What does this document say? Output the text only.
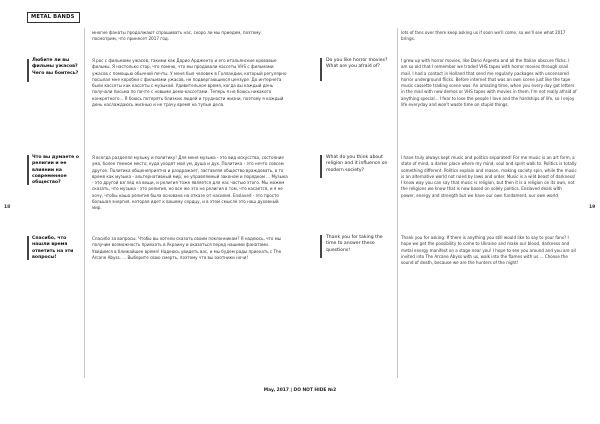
METAL BANDS
18	19

многие фанаты продолжают спрашивать нас, скоро ли мы приедем, поэтому посмотрим, что принесет 2017 год.

Любите ли вы фильмы ужасов? Чего вы боитесь?

Я рос с фильмами ужасов, такими как Дарио Ардженто и его итальянские кровавые фильмы. Я настолько стар, что помню, что мы продавали кассеты VHS с фильмами ужасов с помощью обычной почты. У меня был человек в Голландии, который регулярно посылал мне коробки с фильмами ужасов, не подвергающихся цензуре. До интернета были кассеты как кассеты с музыкой. Удивительное время, когда вы каждый день получали письма по почте с новыми демо-кассетами. Теперь я не боюсь никакого конкретного... Я боюсь потерять близких людей и трудности жизни, поэтому я каждый день наслаждаюсь жизнью и не трачу время на тупые дела.

Что вы думаете о религии и ее влиянии на современное общество?

Я всегда разделял музыку и политику! Для меня музыка - это вид искусства, состояние ума, более темное место, куда уходят мой ум, душа и дух. Политика - это нечто совсем другое. Политика общенеприятна и раздражает, заставляя общество враждовать, в то время как музыка - альтернативный мир, не управляемый законом и порядком ... Музыка - это другой взгляд на вещи, и религия тоже является для нас частью этого. Мы можем сказать, что музыка - это религия, но все же это не религия в том, что касается, и я не хочу, чтобы наша религия была основана на отказе от насилия. Enslaved - это просто большая энергия, которая идет к вашему сердцу, и в этом смысле это наш духовный мир.

Спасибо, что нашли время ответить на эти вопросы!

Спасибо за вопросы. Чтобы вы хотели сказать своим поклонникам? Я надеюсь, что мы получим возможность приехать в Украину и оказаться перед нашими фанатами. Увидимся в ближайшее время! Надеюсь увидеть вас, и мы будем рады приехать с The Arcane Abyss. ... Выберите свою смерть, поэтому что вы охотники ночи!

lots of fans over there keep asking us if soon we'll come, so we'll see what 2017 brings.

Do you like horror movies? What are you afraid of?

I grew up with horror movies, like Dario Argento and all the Italian obscure flicks. I am so old that I remember we traded VHS tapes with horror movies through snail mail. I had a contact in Holland that send me regularly packages with uncensored horror underground flicks. Before internet that was an own scene just like the tape music cassette trading scene was. An amazing time, when you every day got letters in the mail with new demos or VHS tapes with movies in them. I'm not really afraid of anything special... I fear to lose the people I love and the hardships of life, so I enjoy life everyday and won't waste time on stupid things.

What do you think about religion and it influence on modern society?

I have truly always kept music and politics separated! For me music is an art form, a state of mind, a darker place where my mind, soul and spirit walk to. Politics is totally something different. Politics explain and reason, making society spin, while the music is an alternative world not ruled by laws and order. Music is a wild beast of darkness! I know way you can say that music is religion, but then it is a religion on its own, not the religions we know that is now based on solely politics. Enslaved deals with power, energy and strength but we have our own fundament, our own world.

Thank you for taking the time to answer these questions!

Thank you for asking. If there is anything you still would like to say to your fans? I hope we get the possibility to come to Ukraine and make our blood, darkness and metal energy manifest on a stage near you! I hope to see you around and you are all invited into The Arcane Abyss with us, walk into the flames with us ... Choose the sound of death, because we are the hunters of the night!

May, 2017 | DO NOT HIDE №2
